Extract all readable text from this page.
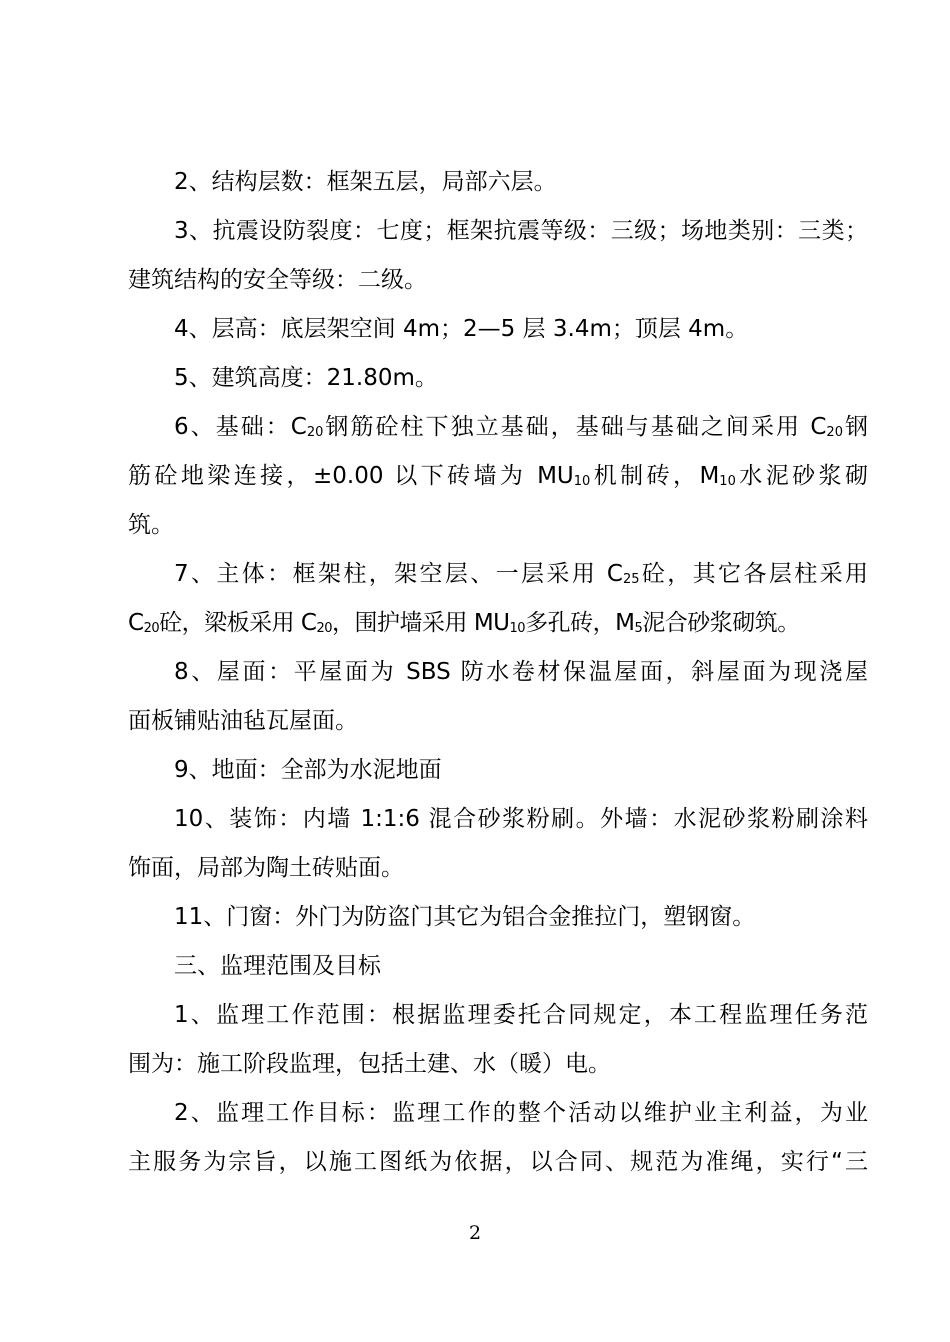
2、结构层数：框架五层，局部六层。
3、抗震设防裂度：七度；框架抗震等级：三级；场地类别：三类；
建筑结构的安全等级：二级。
4、层高：底层架空间 4m；2—5 层 3.4m；顶层 4m。
5、建筑高度：21.80m。
6、基础：C20钢筋砼柱下独立基础，基础与基础之间采用 C20钢
筋砼地梁连接，±0.00 以下砖墙为 MU10机制砖，M10水泥砂浆砌
筑。
7、主体：框架柱，架空层、一层采用 C25砼，其它各层柱采用
C20砼，梁板采用 C20，围护墙采用 MU10多孔砖，M5泥合砂浆砌筑。
8、屋面：平屋面为 SBS 防水卷材保温屋面，斜屋面为现浇屋
面板铺贴油毡瓦屋面。
9、地面：全部为水泥地面
10、装饰：内墙 1:1:6 混合砂浆粉刷。外墙：水泥砂浆粉刷涂料
饰面，局部为陶土砖贴面。
11、门窗：外门为防盗门其它为铝合金推拉门，塑钢窗。
三、监理范围及目标
1、监理工作范围：根据监理委托合同规定，本工程监理任务范
围为：施工阶段监理，包括土建、水（暖）电。
2、监理工作目标：监理工作的整个活动以维护业主利益，为业
主服务为宗旨，以施工图纸为依据，以合同、规范为准绳，实行“三
2
